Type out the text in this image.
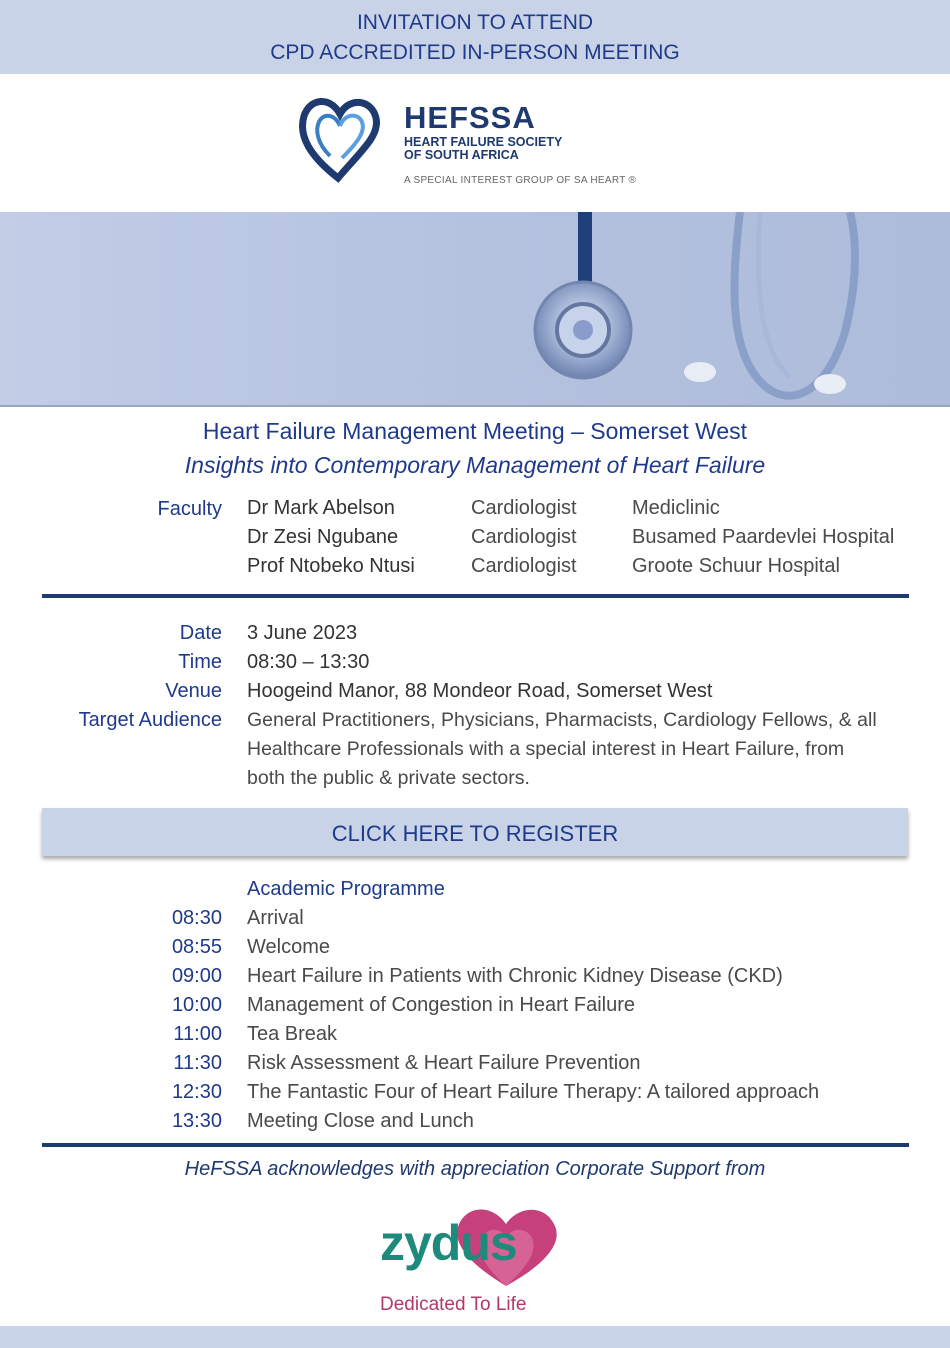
INVITATION TO ATTEND
CPD ACCREDITED IN-PERSON MEETING
HEFSSA
HEART FAILURE SOCIETY
OF SOUTH AFRICA
A SPECIAL INTEREST GROUP OF SA HEART ®
Heart Failure Management Meeting – Somerset West
Insights into Contemporary Management of Heart Failure
Faculty Dr Mark Abelson	Cardiologist	Mediclinic
Dr Zesi Ngubane	Cardiologist	Busamed Paardevlei Hospital
Prof Ntobeko Ntusi	Cardiologist	Groote Schuur Hospital
Date 3 June 2023
Time 08:30 – 13:30
Venue Hoogeind Manor, 88 Mondeor Road, Somerset West
Target Audience General Practitioners, Physicians, Pharmacists, Cardiology Fellows, & all
Healthcare Professionals with a special interest in Heart Failure, from
both the public & private sectors.
CLICK HERE TO REGISTER
Academic Programme
08:30 Arrival
08:55 Welcome
09:00 Heart Failure in Patients with Chronic Kidney Disease (CKD)
10:00 Management of Congestion in Heart Failure
11:00 Tea Break
11:30 Risk Assessment & Heart Failure Prevention
12:30 The Fantastic Four of Heart Failure Therapy: A tailored approach
13:30 Meeting Close and Lunch
HeFSSA acknowledges with appreciation Corporate Support from
zydus
Dedicated To Life
